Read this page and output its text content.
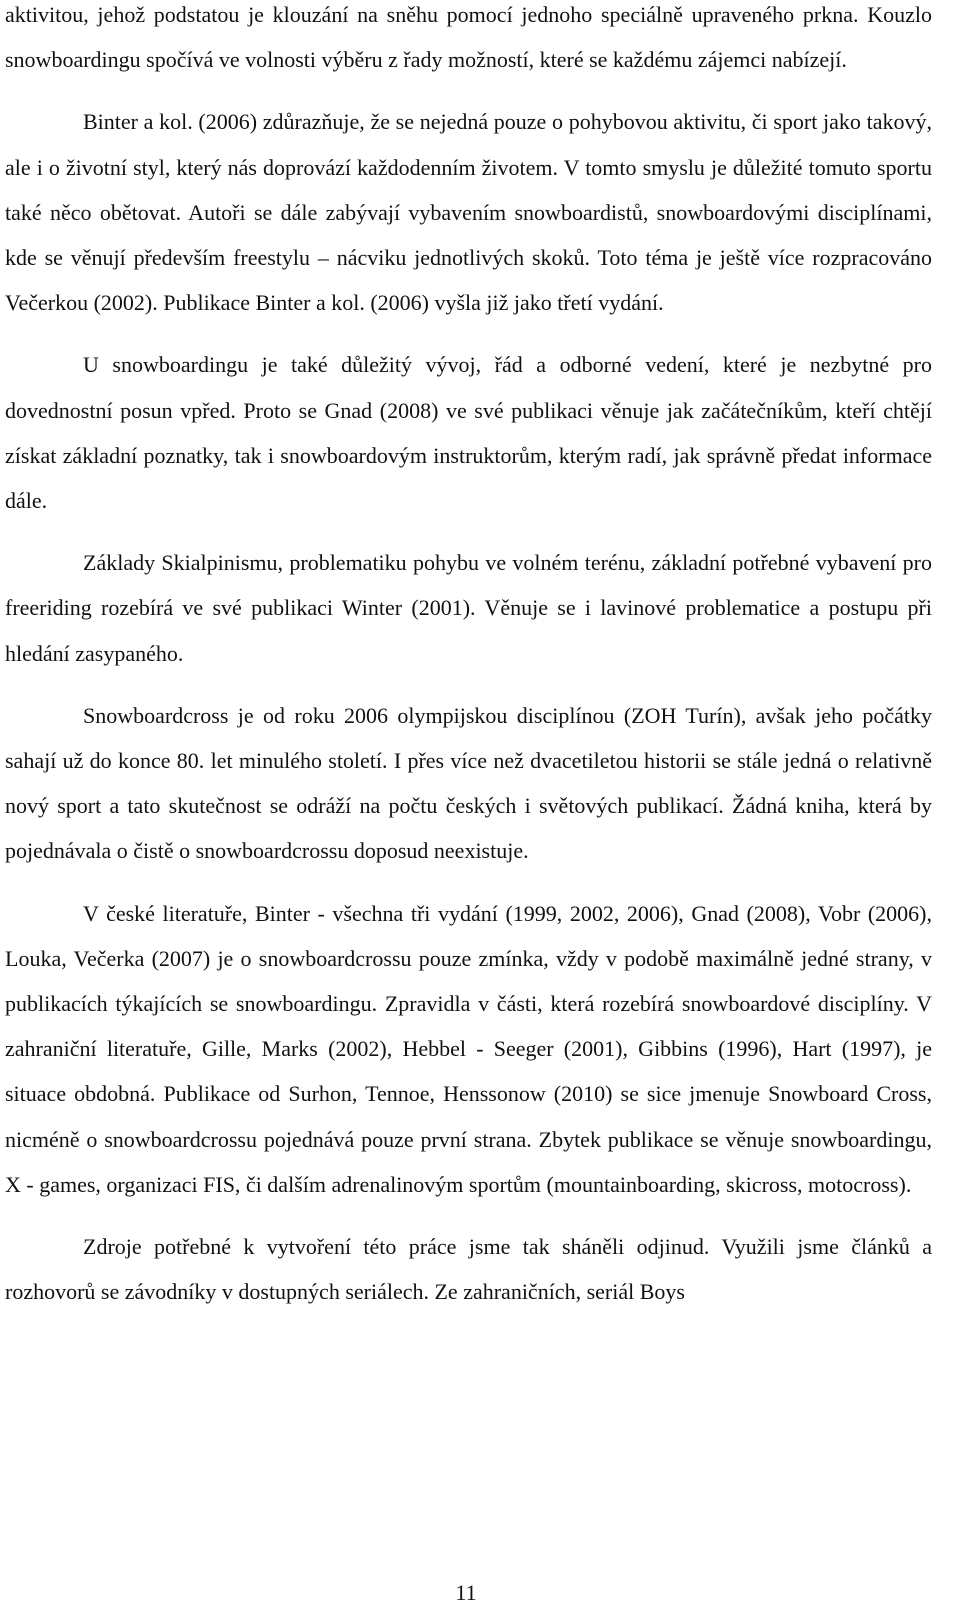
aktivitou, jehož podstatou je klouzání na sněhu pomocí jednoho speciálně upraveného prkna. Kouzlo snowboardingu spočívá ve volnosti výběru z řady možností, které se každému zájemci nabízejí.

Binter a kol. (2006) zdůrazňuje, že se nejedná pouze o pohybovou aktivitu, či sport jako takový, ale i o životní styl, který nás doprovází každodenním životem. V tomto smyslu je důležité tomuto sportu také něco obětovat. Autoři se dále zabývají vybavením snowboardistů, snowboardovými disciplínami, kde se věnují především freestylu – nácviku jednotlivých skoků. Toto téma je ještě více rozpracováno Večerkou (2002). Publikace Binter a kol. (2006) vyšla již jako třetí vydání.

U snowboardingu je také důležitý vývoj, řád a odborné vedení, které je nezbytné pro dovednostní posun vpřed. Proto se Gnad (2008) ve své publikaci věnuje jak začátečníkům, kteří chtějí získat základní poznatky, tak i snowboardovým instruktorům, kterým radí, jak správně předat informace dále.

Základy Skialpinismu, problematiku pohybu ve volném terénu, základní potřebné vybavení pro freeriding rozebírá ve své publikaci Winter (2001). Věnuje se i lavinové problematice a postupu při hledání zasypaného.

Snowboardcross je od roku 2006 olympijskou disciplínou (ZOH Turín), avšak jeho počátky sahají už do konce 80. let minulého století. I přes více než dvacetiletou historii se stále jedná o relativně nový sport a tato skutečnost se odráží na počtu českých i světových publikací. Žádná kniha, která by pojednávala o čistě o snowboardcrossu doposud neexistuje.

V české literatuře, Binter - všechna tři vydání (1999, 2002, 2006), Gnad (2008), Vobr (2006), Louka, Večerka (2007) je o snowboardcrossu pouze zmínka, vždy v podobě maximálně jedné strany, v publikacích týkajících se snowboardingu. Zpravidla v části, která rozebírá snowboardové disciplíny. V zahraniční literatuře, Gille, Marks (2002), Hebbel - Seeger (2001), Gibbins (1996), Hart (1997), je situace obdobná. Publikace od Surhon, Tennoe, Henssonow (2010) se sice jmenuje Snowboard Cross, nicméně o snowboardcrossu pojednává pouze první strana. Zbytek publikace se věnuje snowboardingu, X - games, organizaci FIS, či dalším adrenalinovým sportům (mountainboarding, skicross, motocross).

Zdroje potřebné k vytvoření této práce jsme tak sháněli odjinud. Využili jsme článků a rozhovorů se závodníky v dostupných seriálech. Ze zahraničních, seriál Boys

11
